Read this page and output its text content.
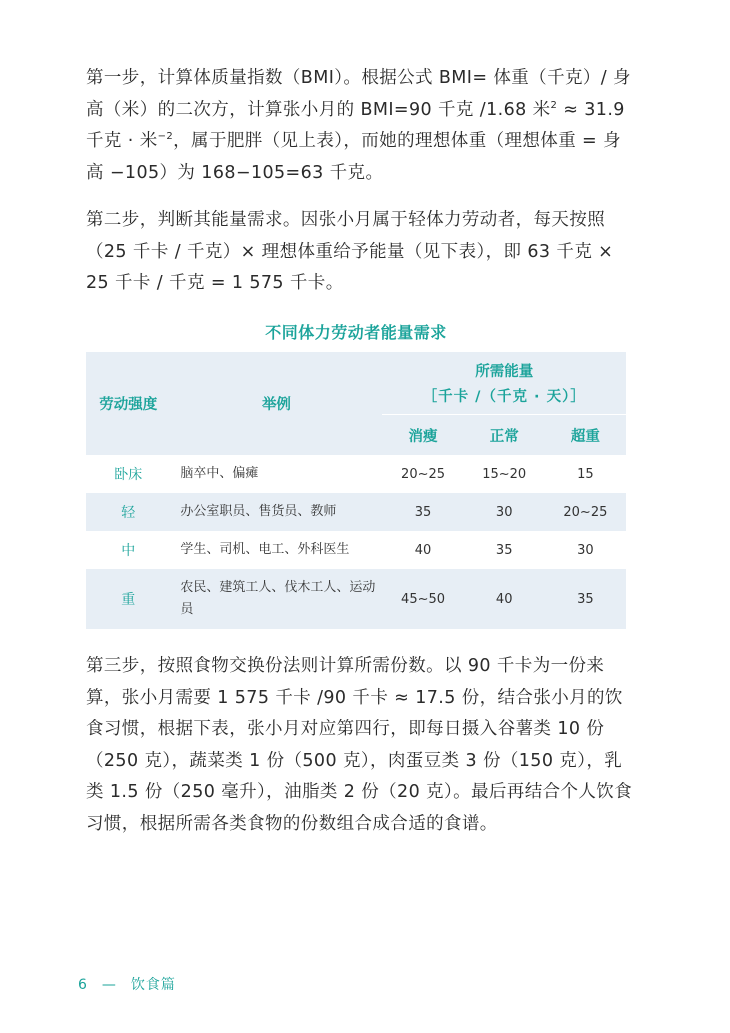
第一步，计算体质量指数（BMI）。根据公式 BMI= 体重（千克）/ 身高（米）的二次方，计算张小月的 BMI=90 千克 /1.68 米$^2$ ≈ 31.9 千克 · 米$^{-2}$，属于肥胖（见上表），而她的理想体重（理想体重 = 身高 −105）为 168−105=63 千克。

第二步，判断其能量需求。因张小月属于轻体力劳动者，每天按照（25 千卡 / 千克）× 理想体重给予能量（见下表），即 63 千克 × 25 千卡 / 千克 = 1 575 千卡。

不同体力劳动者能量需求
劳动强度	举例	所需能量
［千卡 /（千克 · 天）］		

		消瘦	正常	超重
卧床	脑卒中、偏瘫	20~25	15~20	15
轻	办公室职员、售货员、教师	35	30	20~25
中	学生、司机、电工、外科医生	40	35	30
重	农民、建筑工人、伐木工人、运动员	45~50	40	35

第三步，按照食物交换份法则计算所需份数。以 90 千卡为一份来算，张小月需要 1 575 千卡 /90 千卡 ≈ 17.5 份，结合张小月的饮食习惯，根据下表，张小月对应第四行，即每日摄入谷薯类 10 份（250 克），蔬菜类 1 份（500 克），肉蛋豆类 3 份（150 克），乳类 1.5 份（250 毫升），油脂类 2 份（20 克）。最后再结合个人饮食习惯，根据所需各类食物的份数组合成合适的食谱。

6 — 饮食篇
